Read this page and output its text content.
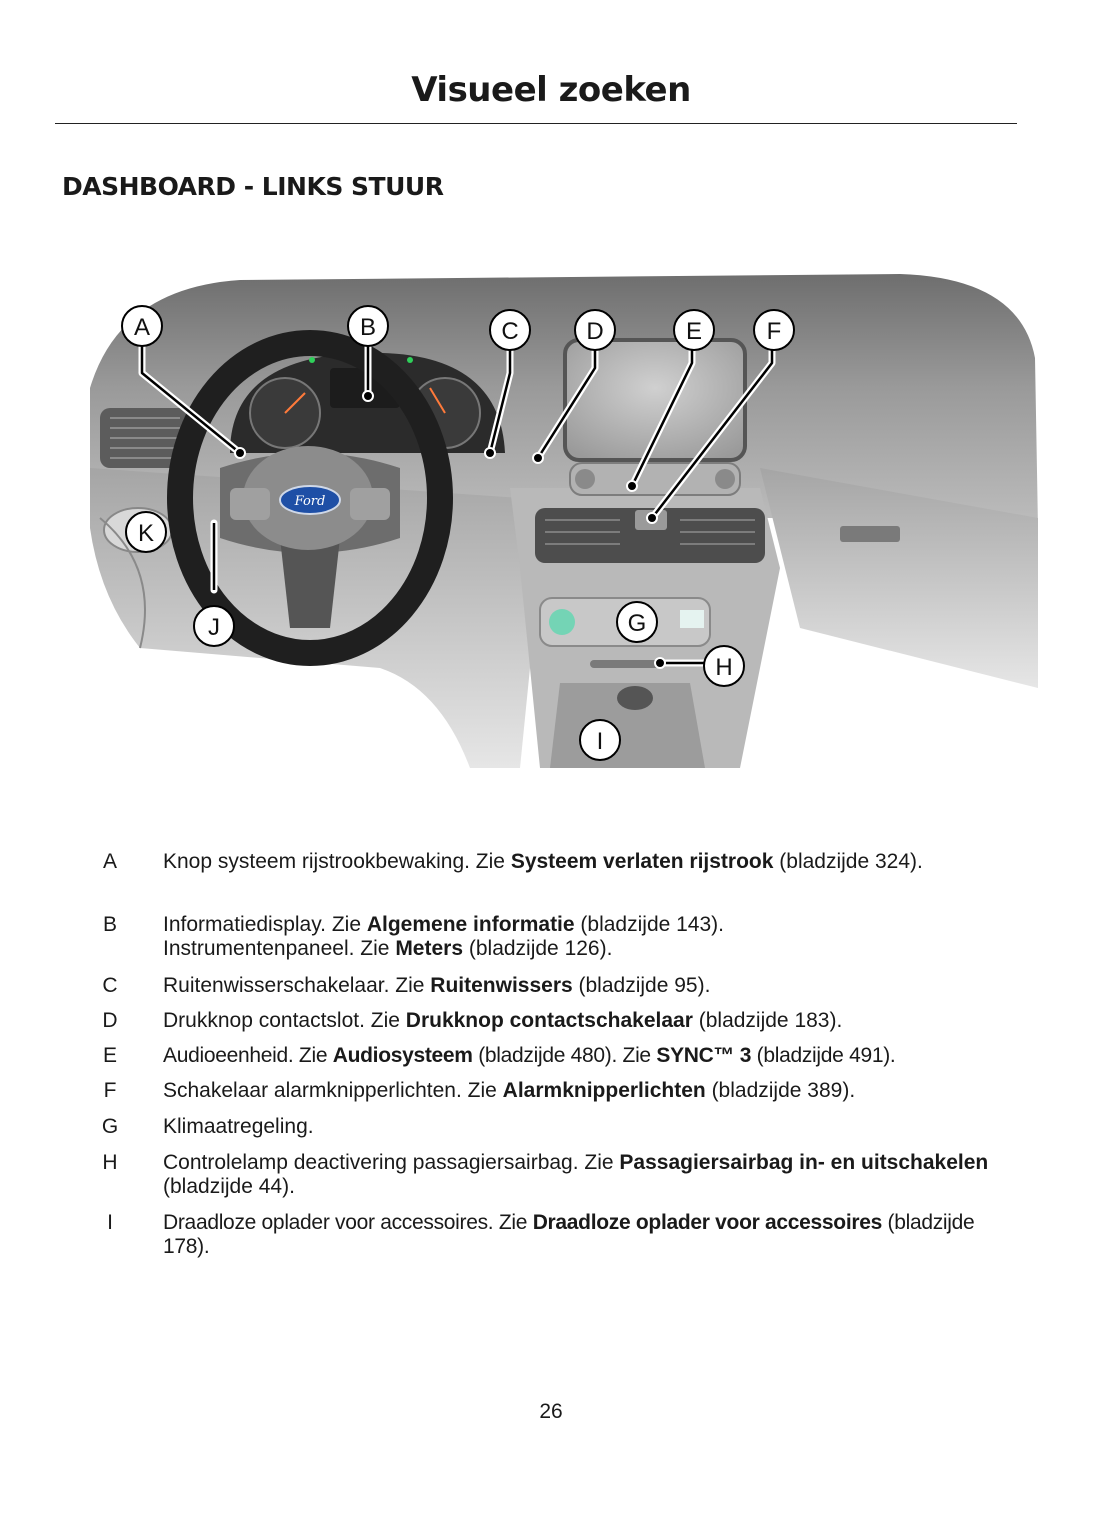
Visueel zoeken
DASHBOARD - LINKS STUUR
Ford
A	B	C	D	E	F
G
H
I
J
K
A	Knop systeem rijstrookbewaking. Zie Systeem verlaten rijstrook (bladzijde 324).
B	Informatiedisplay. Zie Algemene informatie (bladzijde 143).
Instrumentenpaneel. Zie Meters (bladzijde 126).
C	Ruitenwisserschakelaar. Zie Ruitenwissers (bladzijde 95).
D	Drukknop contactslot. Zie Drukknop contactschakelaar (bladzijde 183).
E	Audioeenheid. Zie Audiosysteem (bladzijde 480). Zie SYNC™ 3 (bladzijde 491).
F	Schakelaar alarmknipperlichten. Zie Alarmknipperlichten (bladzijde 389).
G	Klimaatregeling.
H	Controlelamp deactivering passagiersairbag. Zie Passagiersairbag in- en uitschakelen (bladzijde 44).
I	Draadloze oplader voor accessoires. Zie Draadloze oplader voor accessoires (bladzijde 178).
26
